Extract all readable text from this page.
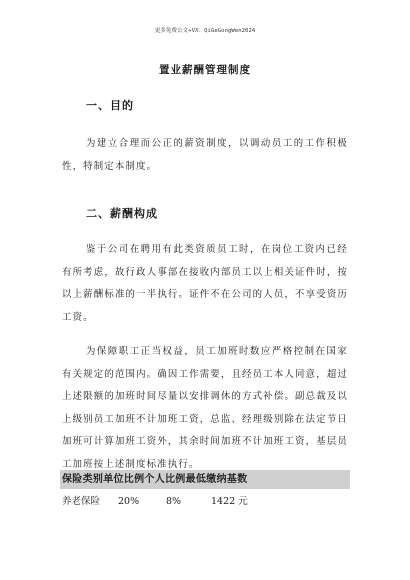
更多免费公文+VX：QiGeGongWen2024
置业薪酬管理制度
一、目的
为建立合理而公正的薪资制度，以调动员工的工作积极性，特制定本制度。
二、薪酬构成
鉴于公司在聘用有此类资质员工时，在岗位工资内已经有所考虑，故行政人事部在接收内部员工以上相关证件时，按以上薪酬标准的一半执行。证件不在公司的人员，不享受资历工资。
为保障职工正当权益，员工加班时数应严格控制在国家有关规定的范围内。确因工作需要，且经员工本人同意，超过上述限额的加班时间尽量以安排调休的方式补偿。副总裁及以上级别员工加班不计加班工资，总监、经理级别除在法定节日加班可计算加班工资外，其余时间加班不计加班工资，基层员工加班按上述制度标准执行。
保险类别单位比例个人比例最低缴纳基数
养老保险 20%	8%	1422 元
